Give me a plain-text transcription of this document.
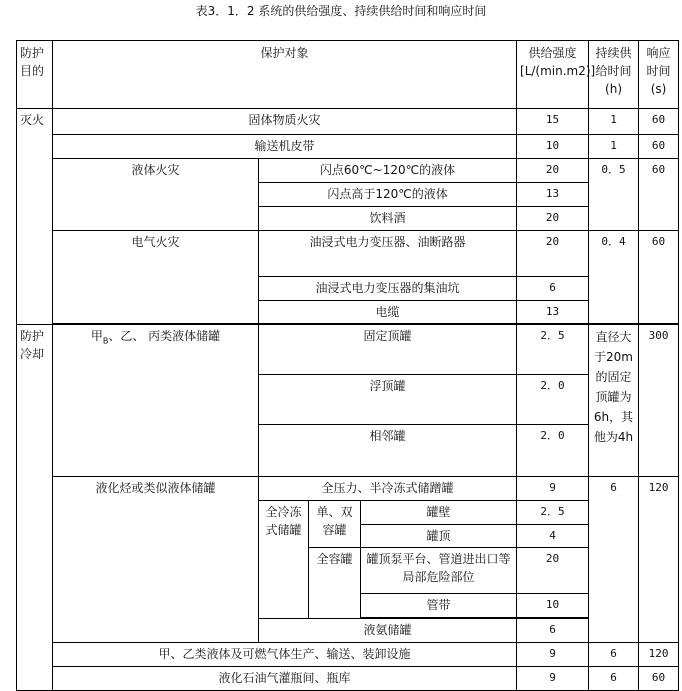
表3．1．2 系统的供给强度、持续供给时间和响应时间
防护目的	保护对象				供给强度[L/(min.m2)]	持续供给时间(h)	响应时间(s)
灭火	固体物质火灾				15	1	60
	输送机皮带				10	1	60
	液体火灾	闪点60℃~120℃的液体			20	0．5	60
		闪点高于120℃的液体			13		
		饮料酒			20		
	电气火灾	油浸式电力变压器、油断路器			20	0．4	60
		油浸式电力变压器的集油坑			6		
		电缆			13		

防护冷却	甲$_B$、乙、 丙类液体储罐	固定顶罐			2．5	直径大于20m的固定顶罐为6h，其他为4h	300
		浮顶罐			2．0		
		相邻罐			2．0		
	液化烃或类似液体储罐	全压力、半冷冻式储蹭罐			9	6	120
		全冷冻式储罐	单、双容罐	罐壁	2．5		
				罐顶	4		
			全容罐	罐顶泵平台、管道进出口等局部危险部位	20		
				管带	10		

		液氨储罐			6		
	甲、乙类液体及可燃气体生产、输送、装卸设施				9	6	120
	液化石油气灌瓶间、瓶库				9	6	60
